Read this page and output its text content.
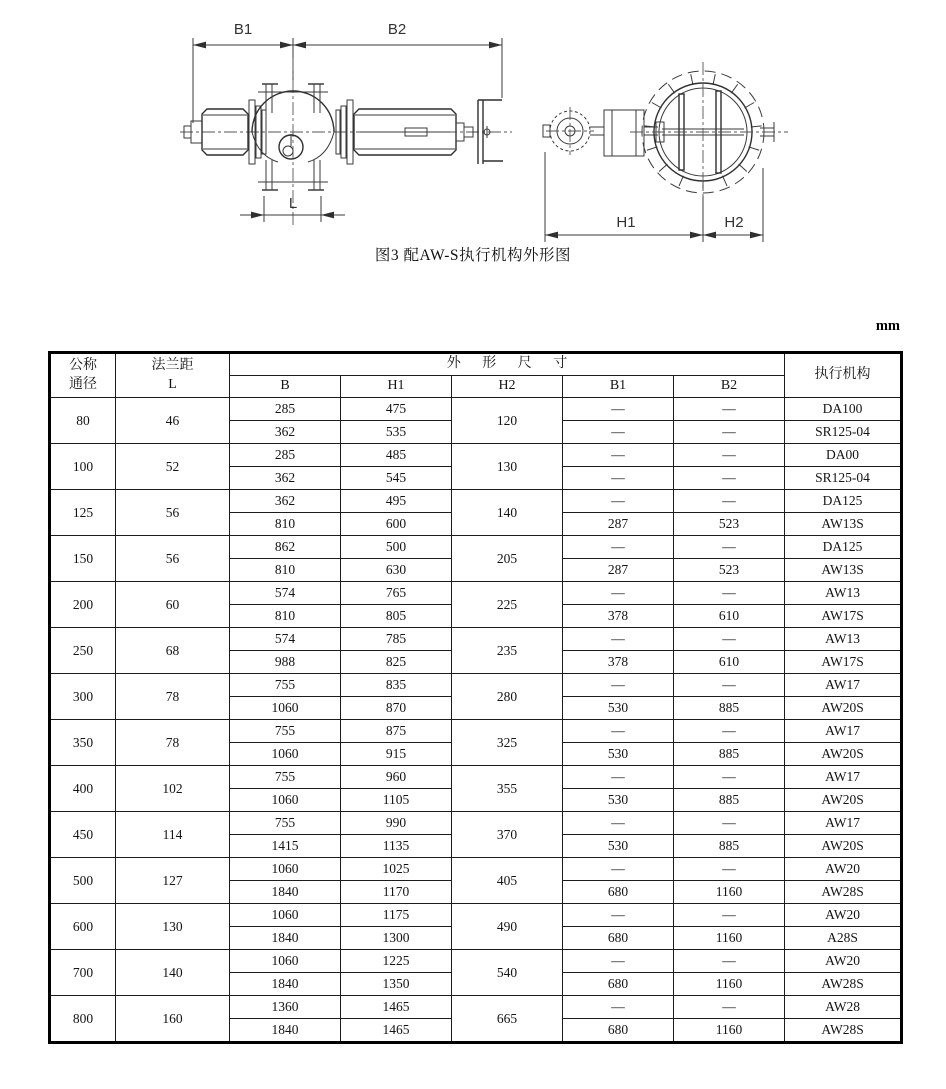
B1	B2
L
H1	H2
图3 配AW-S执行机构外形图
mm
公称
通径	法兰距
L	外 形 尺 寸					执行机构
		B	H1	H2	B1	B2	
80	46	285	475	120	—	—	DA100
		362	535		—	—	SR125-04
100	52	285	485	130	—	—	DA00
		362	545		—	—	SR125-04
125	56	362	495	140	—	—	DA125
		810	600		287	523	AW13S
150	56	862	500	205	—	—	DA125
		810	630		287	523	AW13S
200	60	574	765	225	—	—	AW13
		810	805		378	610	AW17S
250	68	574	785	235	—	—	AW13
		988	825		378	610	AW17S
300	78	755	835	280	—	—	AW17
		1060	870		530	885	AW20S
350	78	755	875	325	—	—	AW17
		1060	915		530	885	AW20S
400	102	755	960	355	—	—	AW17
		1060	1105		530	885	AW20S
450	114	755	990	370	—	—	AW17
		1415	1135		530	885	AW20S
500	127	1060	1025	405	—	—	AW20
		1840	1170		680	1160	AW28S
600	130	1060	1175	490	—	—	AW20
		1840	1300		680	1160	A28S
700	140	1060	1225	540	—	—	AW20
		1840	1350		680	1160	AW28S
800	160	1360	1465	665	—	—	AW28
		1840	1465		680	1160	AW28S
